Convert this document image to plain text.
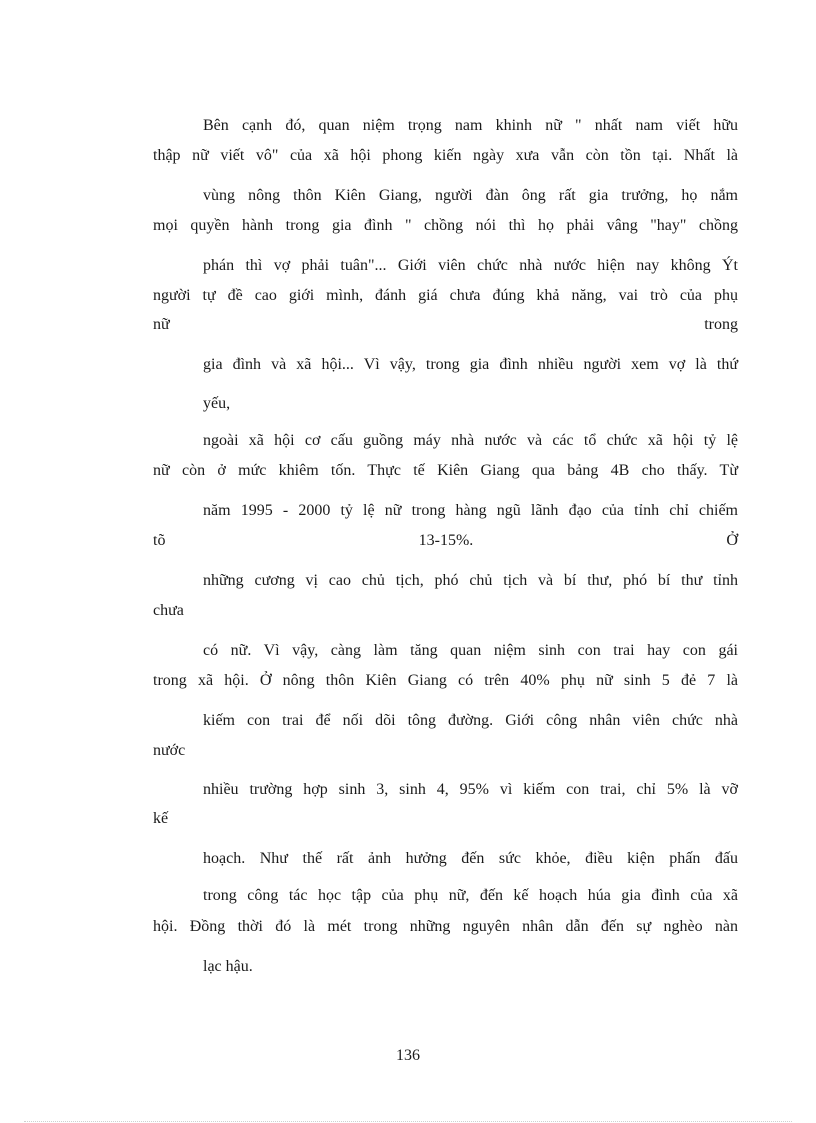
Bên cạnh đó, quan niệm trọng nam khinh nữ " nhất nam viết hữu
thập nữ viết vô" của xã hội phong kiến ngày xưa vẫn còn tồn tại. Nhất là
vùng nông thôn Kiên Giang, người đàn ông rất gia trưởng, họ nắm
mọi quyền hành trong gia đình " chồng nói thì họ phải vâng "hay" chồng
phán thì vợ phải tuân"... Giới viên chức nhà nước hiện nay không Ýt
người tự đề cao giới mình, đánh giá chưa đúng khả năng, vai trò của phụ
nữ	trong
gia đình và xã hội... Vì vậy, trong gia đình nhiều người xem vợ là thứ
yếu,
ngoài xã hội cơ cấu guồng máy nhà nước và các tổ chức xã hội tỷ lệ
nữ còn ở mức khiêm tốn. Thực tế Kiên Giang qua bảng 4B cho thấy. Từ
năm 1995 - 2000 tỷ lệ nữ trong hàng ngũ lãnh đạo của tỉnh chỉ chiếm
tõ	13-15%.	Ở
những cương vị cao chủ tịch, phó chủ tịch và bí thư, phó bí thư tỉnh
chưa
có nữ. Vì vậy, càng làm tăng quan niệm sinh con trai hay con gái
trong xã hội. Ở nông thôn Kiên Giang có trên 40% phụ nữ sinh 5 đẻ 7 là
kiếm con trai để nối dõi tông đường. Giới công nhân viên chức nhà
nước
nhiều trường hợp sinh 3, sinh 4, 95% vì kiếm con trai, chỉ 5% là vỡ
kế
hoạch. Như thế rất ảnh hưởng đến sức khỏe, điều kiện phấn đấu
trong công tác học tập của phụ nữ, đến kế hoạch húa gia đình của xã
hội. Đồng thời đó là mét trong những nguyên nhân dẫn đến sự nghèo nàn
lạc hậu.
136
